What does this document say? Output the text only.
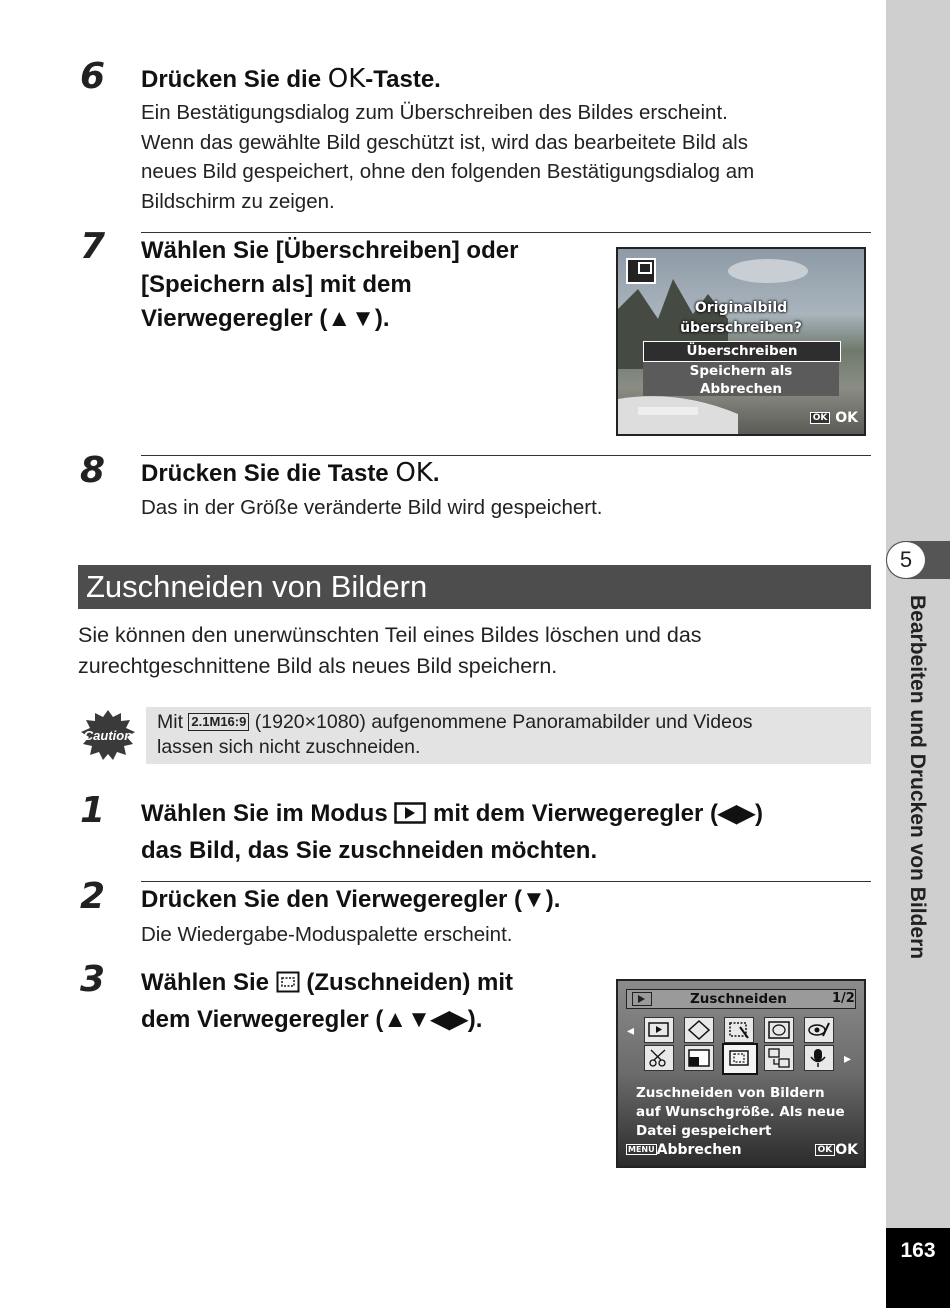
5
Bearbeiten und Drucken von Bildern
163
6 Drücken Sie die OK-Taste.
Ein Bestätigungsdialog zum Überschreiben des Bildes erscheint.
Wenn das gewählte Bild geschützt ist, wird das bearbeitete Bild als
neues Bild gespeichert, ohne den folgenden Bestätigungsdialog am
Bildschirm zu zeigen.
7 Wählen Sie [Überschreiben] oder
[Speichern als] mit dem
Vierwegeregler (▲▼).	Originalbild
überschreiben?
Überschreiben
Speichern als
Abbrechen
OK OK
8 Drücken Sie die Taste OK.
Das in der Größe veränderte Bild wird gespeichert.
Zuschneiden von Bildern
Sie können den unerwünschten Teil eines Bildes löschen und das
zurechtgeschnittene Bild als neues Bild speichern.
Caution
Mit 2.1M16:9 (1920×1080) aufgenommene Panoramabilder und Videos
lassen sich nicht zuschneiden.
1 Wählen Sie im Modus  mit dem Vierwegeregler (◀▶)
das Bild, das Sie zuschneiden möchten.
2 Drücken Sie den Vierwegeregler (▼).
Die Wiedergabe-Moduspalette erscheint.
3 Wählen Sie  (Zuschneiden) mit
dem Vierwegeregler (▲▼◀▶).
Zuschneiden	1/2
◂
▸
Zuschneiden von Bildern
auf Wunschgröße. Als neue
Datei gespeichert
MENU Abbrechen	OK OK
